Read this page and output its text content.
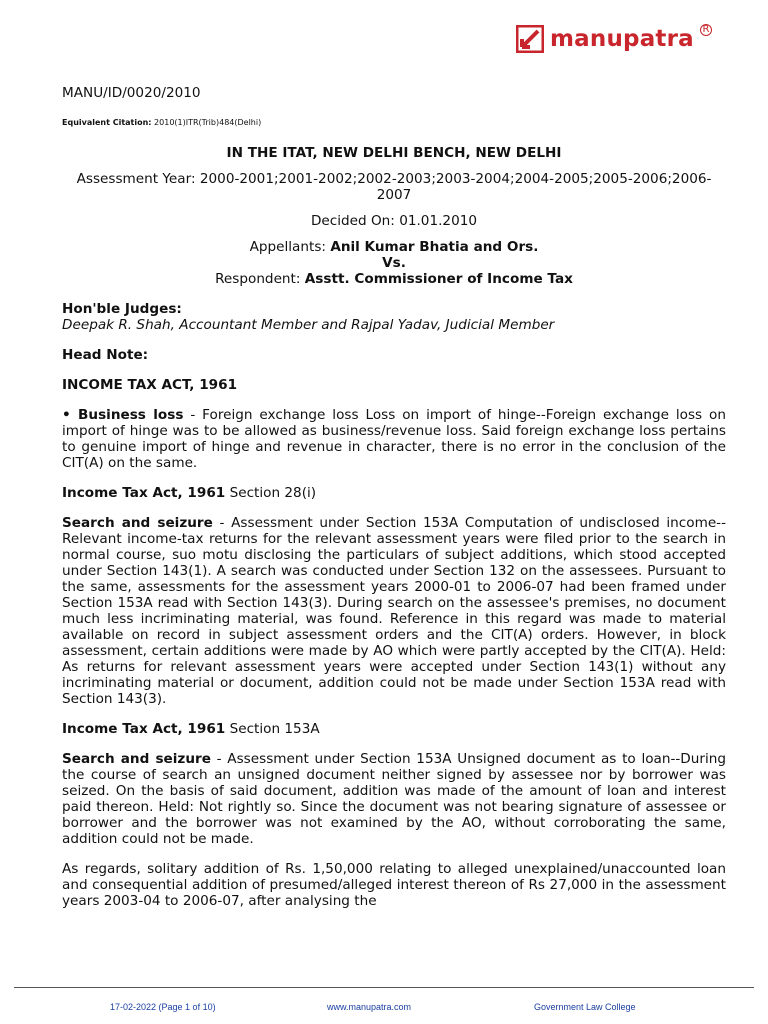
manupatra R

MANU/ID/0020/2010

Equivalent Citation: 2010(1)ITR(Trib)484(Delhi)

IN THE ITAT, NEW DELHI BENCH, NEW DELHI

Assessment Year: 2000-2001;2001-2002;2002-2003;2003-2004;2004-2005;2005-2006;2006-2007

Decided On: 01.01.2010

Appellants: Anil Kumar Bhatia and Ors.

Vs.

Respondent: Asstt. Commissioner of Income Tax

Hon'ble Judges:

Deepak R. Shah, Accountant Member and Rajpal Yadav, Judicial Member

Head Note:

INCOME TAX ACT, 1961

• Business loss - Foreign exchange loss Loss on import of hinge--Foreign exchange loss on import of hinge was to be allowed as business/revenue loss. Said foreign exchange loss pertains to genuine import of hinge and revenue in character, there is no error in the conclusion of the CIT(A) on the same.

Income Tax Act, 1961 Section 28(i)

Search and seizure - Assessment under Section 153A Computation of undisclosed income--Relevant income-tax returns for the relevant assessment years were filed prior to the search in normal course, suo motu disclosing the particulars of subject additions, which stood accepted under Section 143(1). A search was conducted under Section 132 on the assessees. Pursuant to the same, assessments for the assessment years 2000-01 to 2006-07 had been framed under Section 153A read with Section 143(3). During search on the assessee's premises, no document much less incriminating material, was found. Reference in this regard was made to material available on record in subject assessment orders and the CIT(A) orders. However, in block assessment, certain additions were made by AO which were partly accepted by the CIT(A). Held: As returns for relevant assessment years were accepted under Section 143(1) without any incriminating material or document, addition could not be made under Section 153A read with Section 143(3).

Income Tax Act, 1961 Section 153A

Search and seizure - Assessment under Section 153A Unsigned document as to loan--During the course of search an unsigned document neither signed by assessee nor by borrower was seized. On the basis of said document, addition was made of the amount of loan and interest paid thereon. Held: Not rightly so. Since the document was not bearing signature of assessee or borrower and the borrower was not examined by the AO, without corroborating the same, addition could not be made.

As regards, solitary addition of Rs. 1,50,000 relating to alleged unexplained/unaccounted loan and consequential addition of presumed/alleged interest thereon of Rs 27,000 in the assessment years 2003-04 to 2006-07, after analysing the

17-02-2022 (Page 1 of 10)	www.manupatra.com	Government Law College
